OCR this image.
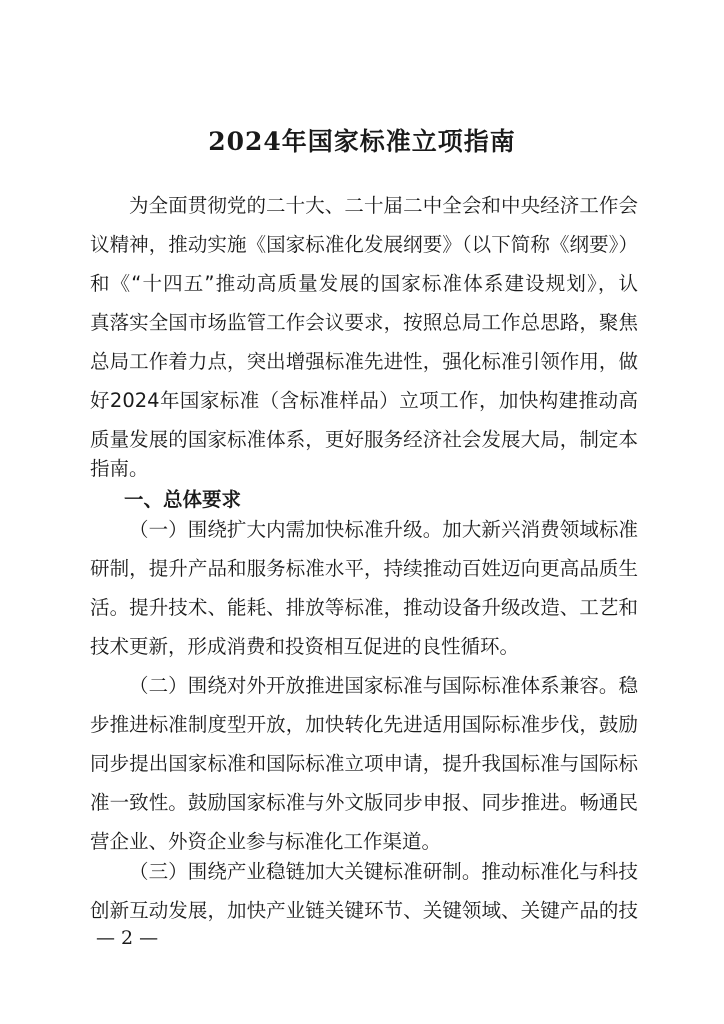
2024年国家标准立项指南
为全面贯彻党的二十大、二十届二中全会和中央经济工作会
议精神，推动实施《国家标准化发展纲要》（以下简称《纲要》）
和《“十四五”推动高质量发展的国家标准体系建设规划》，认
真落实全国市场监管工作会议要求，按照总局工作总思路，聚焦
总局工作着力点，突出增强标准先进性，强化标准引领作用，做
好2024年国家标准（含标准样品）立项工作，加快构建推动高
质量发展的国家标准体系，更好服务经济社会发展大局，制定本
指南。
一、总体要求
（一）围绕扩大内需加快标准升级。加大新兴消费领域标准
研制，提升产品和服务标准水平，持续推动百姓迈向更高品质生
活。提升技术、能耗、排放等标准，推动设备升级改造、工艺和
技术更新，形成消费和投资相互促进的良性循环。
（二）围绕对外开放推进国家标准与国际标准体系兼容。稳
步推进标准制度型开放，加快转化先进适用国际标准步伐，鼓励
同步提出国家标准和国际标准立项申请，提升我国标准与国际标
准一致性。鼓励国家标准与外文版同步申报、同步推进。畅通民
营企业、外资企业参与标准化工作渠道。
（三）围绕产业稳链加大关键标准研制。推动标准化与科技
创新互动发展，加快产业链关键环节、关键领域、关键产品的技
— 2 —
